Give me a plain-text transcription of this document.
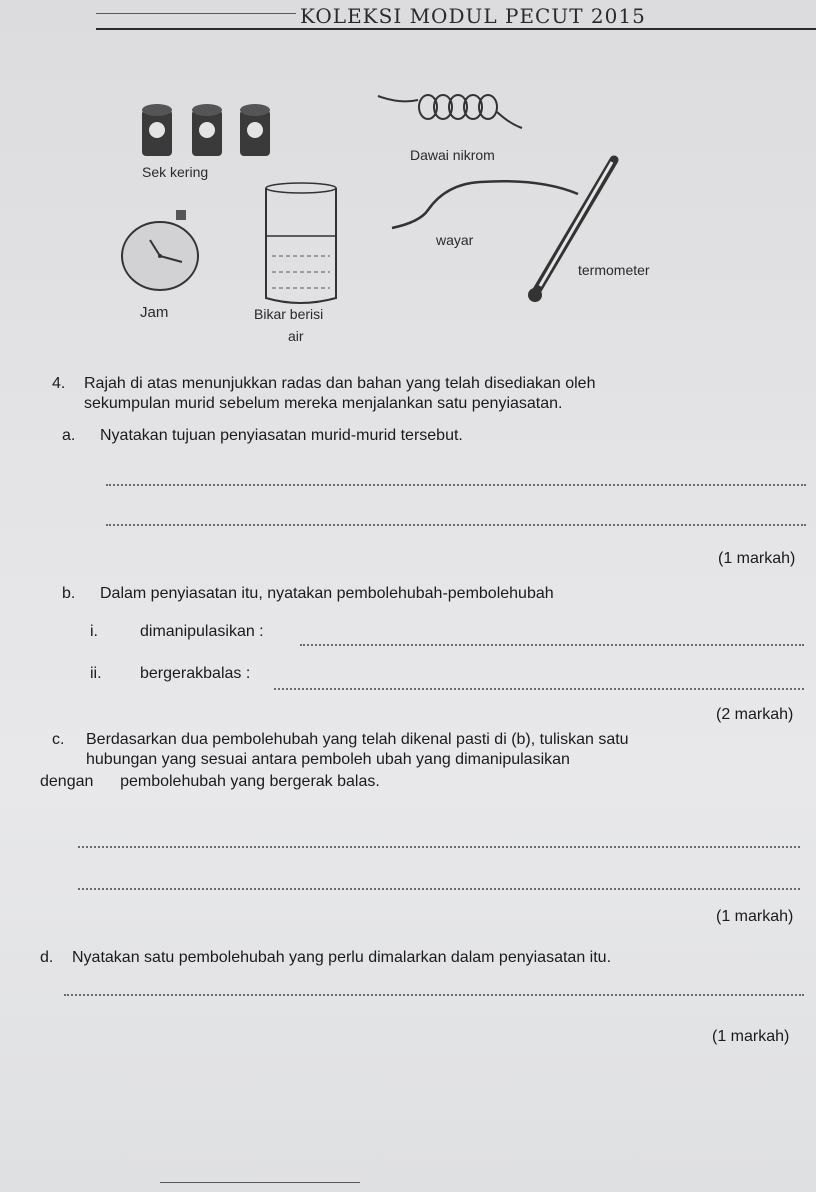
KOLEKSI MODUL PECUT 2015
Sek kering
Jam	Bikar berisi
air
Dawai nikrom
wayar
termometer
4. Rajah di atas menunjukkan radas dan bahan yang telah disediakan oleh
sekumpulan murid sebelum mereka menjalankan satu penyiasatan.
a. Nyatakan tujuan penyiasatan murid-murid tersebut.
(1 markah)
b. Dalam penyiasatan itu, nyatakan pembolehubah-pembolehubah
i.	dimanipulasikan :
ii. bergerakbalas :
(2 markah)
c. Berdasarkan dua pembolehubah yang telah dikenal pasti di (b), tuliskan satu
hubungan yang sesuai antara pemboleh ubah yang dimanipulasikan
dengan      pembolehubah yang bergerak balas.
(1 markah)
d. Nyatakan satu pembolehubah yang perlu dimalarkan dalam penyiasatan itu.
(1 markah)
